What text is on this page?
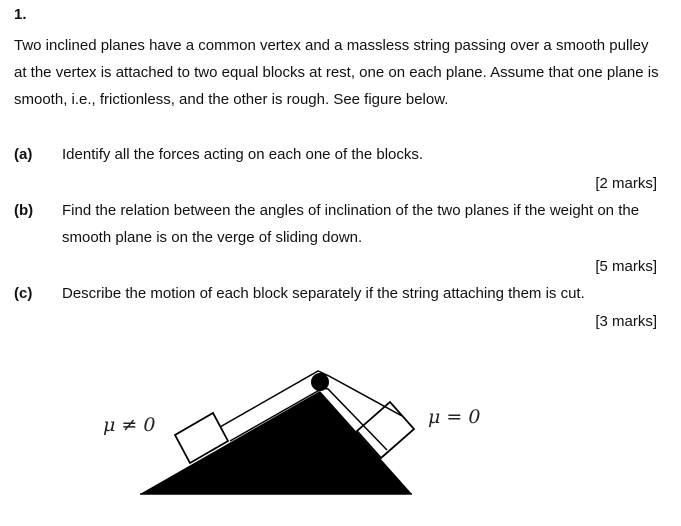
1.
Two inclined planes have a common vertex and a massless string passing over a smooth pulley at the vertex is attached to two equal blocks at rest, one on each plane. Assume that one plane is smooth, i.e., frictionless, and the other is rough. See figure below.
(a) Identify all the forces acting on each one of the blocks.
[2 marks]
(b) Find the relation between the angles of inclination of the two planes if the weight on the smooth plane is on the verge of sliding down.
[5 marks]
(c) Describe the motion of each block separately if the string attaching them is cut.
[3 marks]
μ ≠ 0	μ = 0
